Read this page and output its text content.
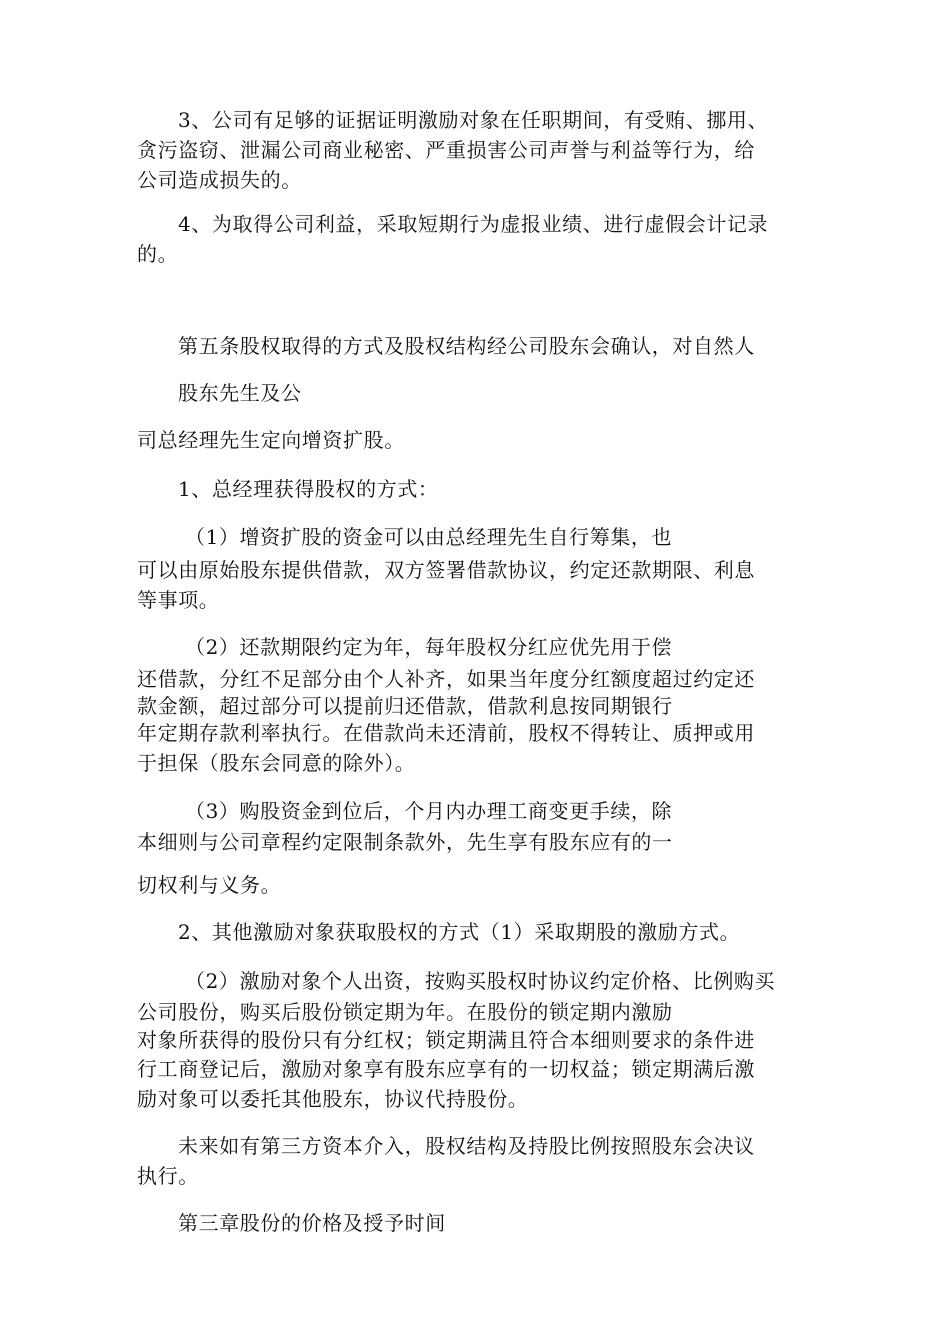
3、公司有足够的证据证明激励对象在任职期间，有受贿、挪用、
贪污盗窃、泄漏公司商业秘密、严重损害公司声誉与利益等行为，给
公司造成损失的。
4、为取得公司利益，采取短期行为虚报业绩、进行虚假会计记录
的。
第五条股权取得的方式及股权结构经公司股东会确认，对自然人
股东先生及公
司总经理先生定向增资扩股。
1、总经理获得股权的方式：
（1）增资扩股的资金可以由总经理先生自行筹集，也
可以由原始股东提供借款，双方签署借款协议，约定还款期限、利息
等事项。
（2）还款期限约定为年，每年股权分红应优先用于偿
还借款，分红不足部分由个人补齐，如果当年度分红额度超过约定还
款金额，超过部分可以提前归还借款，借款利息按同期银行
年定期存款利率执行。在借款尚未还清前，股权不得转让、质押或用
于担保（股东会同意的除外）。
（3）购股资金到位后，个月内办理工商变更手续，除
本细则与公司章程约定限制条款外，先生享有股东应有的一
切权利与义务。
2、其他激励对象获取股权的方式（1）采取期股的激励方式。
（2）激励对象个人出资，按购买股权时协议约定价格、比例购买
公司股份，购买后股份锁定期为年。在股份的锁定期内激励
对象所获得的股份只有分红权；锁定期满且符合本细则要求的条件进
行工商登记后，激励对象享有股东应享有的一切权益；锁定期满后激
励对象可以委托其他股东，协议代持股份。
未来如有第三方资本介入，股权结构及持股比例按照股东会决议
执行。
第三章股份的价格及授予时间
